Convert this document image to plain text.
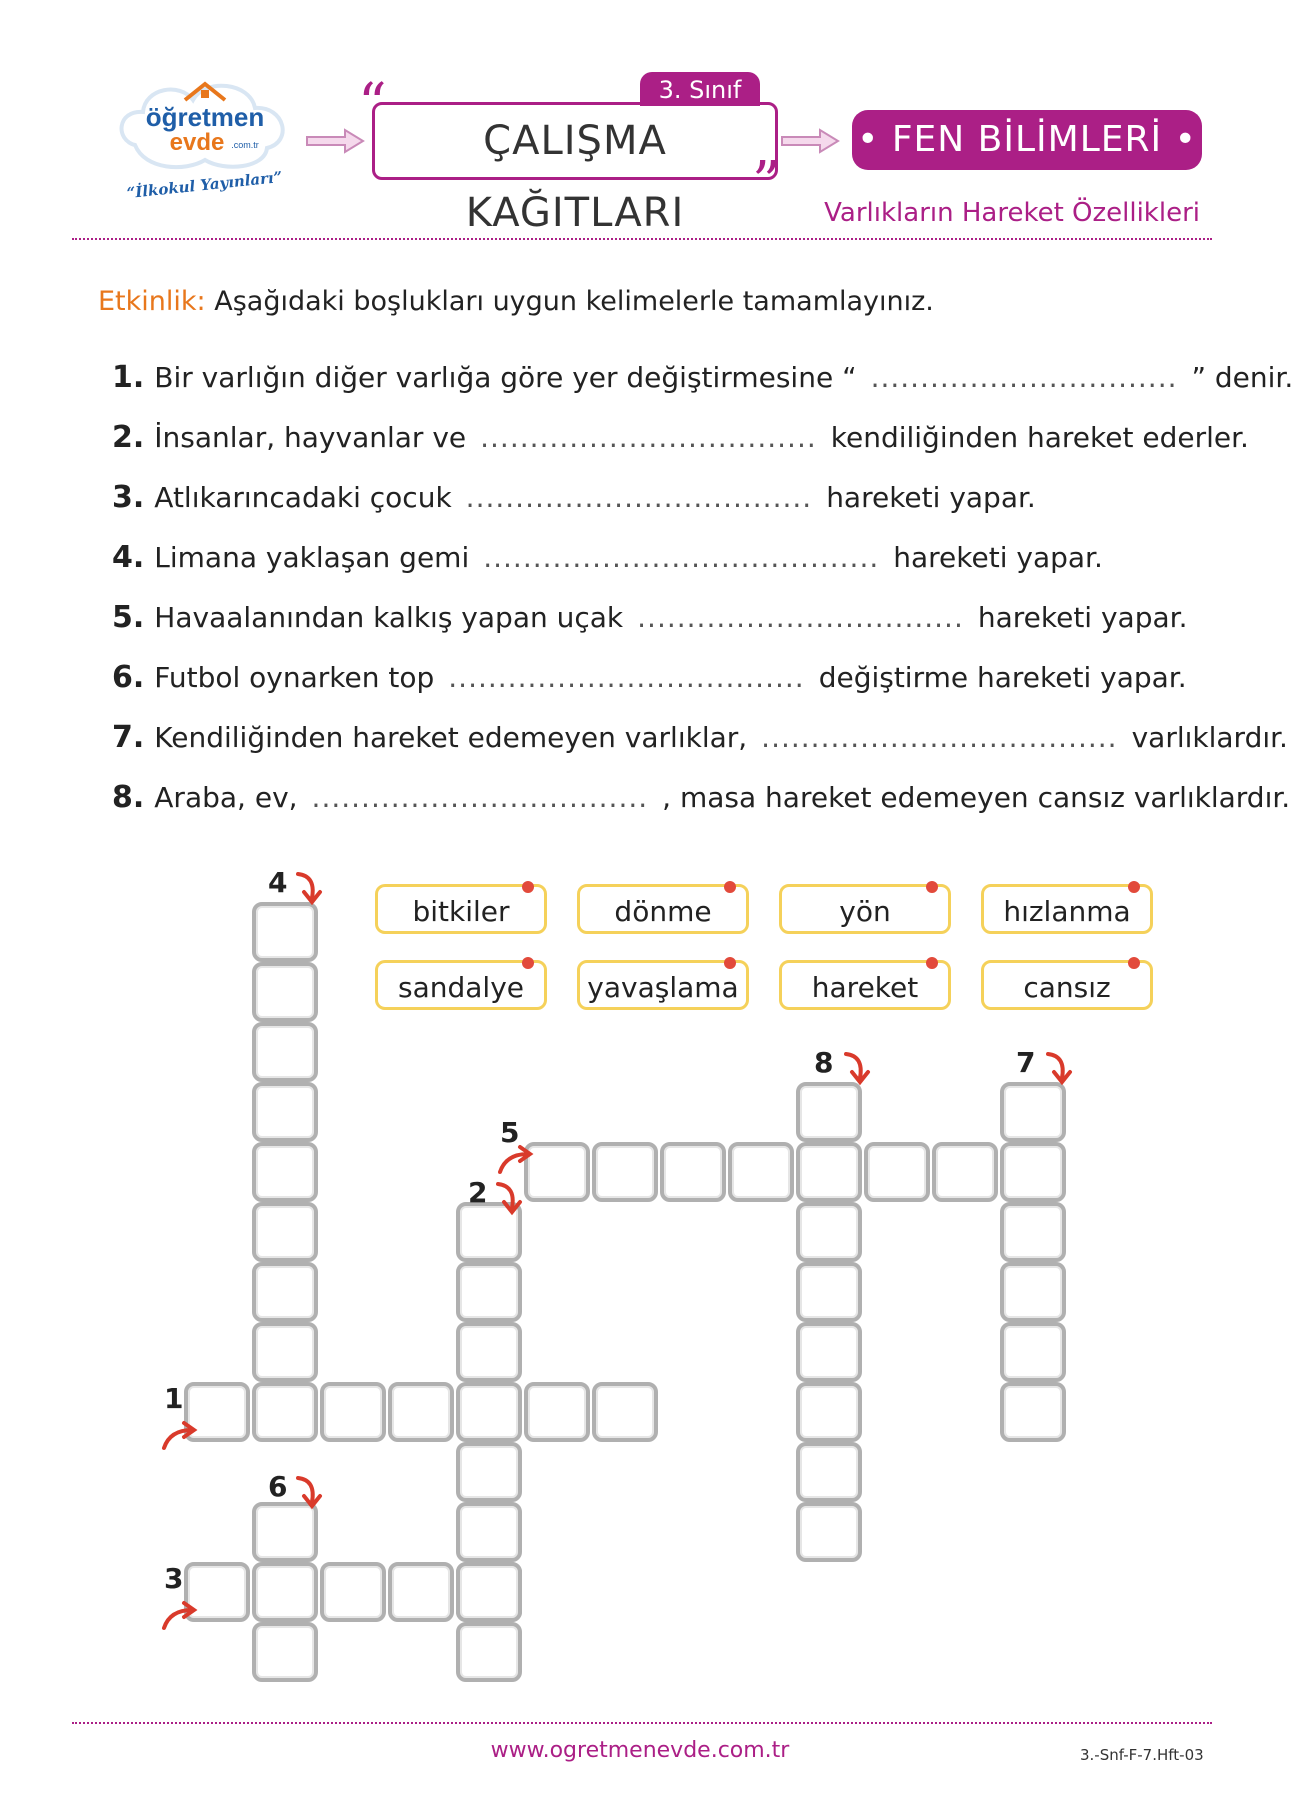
öğretmen
evde .com.tr
“İlkokul Yayınları”
“	3. Sınıf
ÇALIŞMA KAĞITLARI	”
• FEN BİLİMLERİ •
Varlıkların Hareket Özellikleri
Etkinlik: Aşağıdaki boşlukları uygun kelimelerle tamamlayınız.
1. Bir varlığın diğer varlığa göre yer değiştirmesine “ ............................... ” denir.
2. İnsanlar, hayvanlar ve .................................. kendiliğinden hareket ederler.
3. Atlıkarıncadaki çocuk ................................... hareketi yapar.
4. Limana yaklaşan gemi ........................................ hareketi yapar.
5. Havaalanından kalkış yapan uçak ................................. hareketi yapar.
6. Futbol oynarken top .................................... değiştirme hareketi yapar.
7. Kendiliğinden hareket edemeyen varlıklar, .................................... varlıklardır.
8. Araba, ev, .................................. , masa hareket edemeyen cansız varlıklardır.
bitkiler	dönme	yön	hızlanma
sandalye	yavaşlama	hareket	cansız
1
2
3
4
5
6
7
8
www.ogretmenevde.com.tr	3.-Snf-F-7.Hft-03
